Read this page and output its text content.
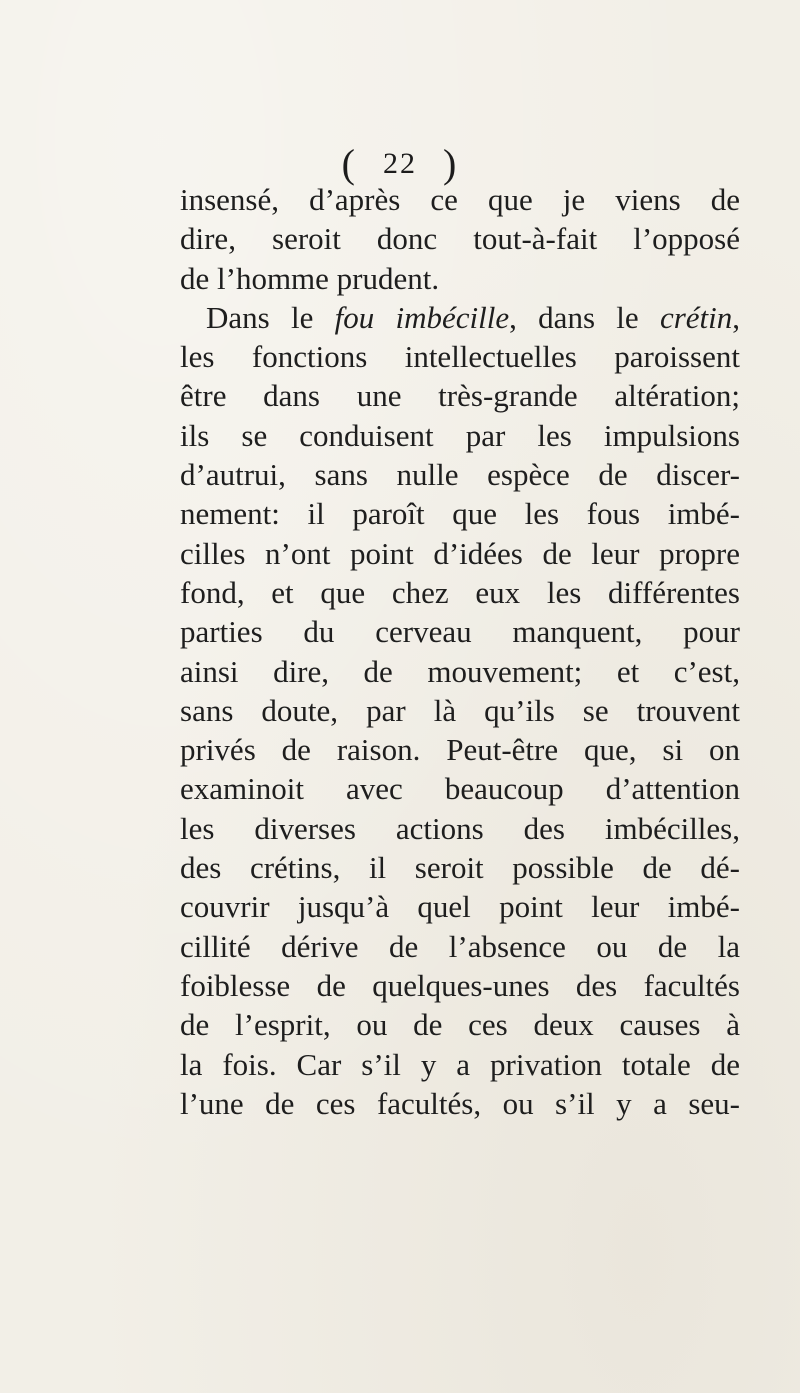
( 22 )
insensé, d’après ce que je viens de
dire, seroit donc tout-à-fait l’opposé
de l’homme prudent.
Dans le fou imbécille, dans le crétin,
les fonctions intellectuelles paroissent
être dans une très-grande altération;
ils se conduisent par les impulsions
d’autrui, sans nulle espèce de discer-
nement: il paroît que les fous imbé-
cilles n’ont point d’idées de leur propre
fond, et que chez eux les différentes
parties du cerveau manquent, pour
ainsi dire, de mouvement; et c’est,
sans doute, par là qu’ils se trouvent
privés de raison. Peut-être que, si on
examinoit avec beaucoup d’attention
les diverses actions des imbécilles,
des crétins, il seroit possible de dé-
couvrir jusqu’à quel point leur imbé-
cillité dérive de l’absence ou de la
foiblesse de quelques-unes des facultés
de l’esprit, ou de ces deux causes à
la fois. Car s’il y a privation totale de
l’une de ces facultés, ou s’il y a seu-
